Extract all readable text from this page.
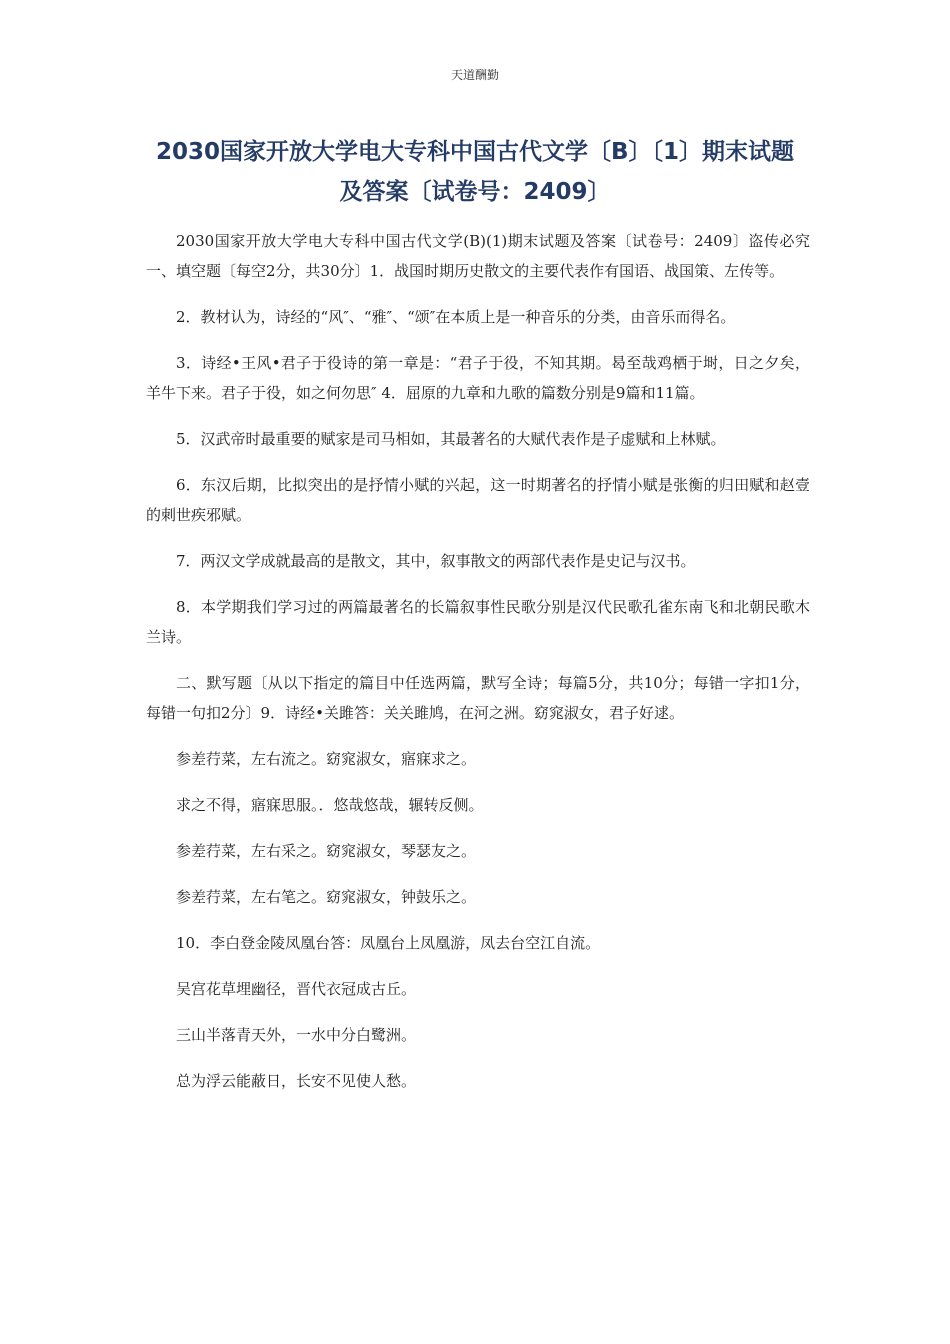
天道酬勤
2030国家开放大学电大专科中国古代文学〔B〕〔1〕期末试题
及答案〔试卷号：2409〕

2030国家开放大学电大专科中国古代文学(B)(1)期末试题及答案〔试卷号：2409〕盗传必究 一、填空题〔每空2分，共30分〕1．战国时期历史散文的主要代表作有国语、战国策、左传等。

2．教材认为，诗经的“风″、“雅″、“颂″在本质上是一种音乐的分类，由音乐而得名。

3．诗经•王风•君子于役诗的第一章是：“君子于役，不知其期。曷至哉鸡栖于埘，日之夕矣，羊牛下来。君子于役，如之何勿思″ 4．屈原的九章和九歌的篇数分别是9篇和11篇。

5．汉武帝时最重要的赋家是司马相如，其最著名的大赋代表作是子虚赋和上林赋。

6．东汉后期，比拟突出的是抒情小赋的兴起，这一时期著名的抒情小赋是张衡的归田赋和赵壹的刺世疾邪赋。

7．两汉文学成就最高的是散文，其中，叙事散文的两部代表作是史记与汉书。

8．本学期我们学习过的两篇最著名的长篇叙事性民歌分别是汉代民歌孔雀东南飞和北朝民歌木兰诗。

二、默写题〔从以下指定的篇目中任选两篇，默写全诗；每篇5分，共10分；每错一字扣1分，每错一句扣2分〕9．诗经•关雎答：关关雎鸠，在河之洲。窈窕淑女，君子好逑。

参差荇菜，左右流之。窈窕淑女，寤寐求之。

求之不得，寤寐思服。．悠哉悠哉，辗转反侧。

参差荇菜，左右采之。窈窕淑女，琴瑟友之。

参差荇菜，左右笔之。窈窕淑女，钟鼓乐之。

10．李白登金陵凤凰台答：凤凰台上凤凰游，凤去台空江自流。

吴宫花草埋幽径，晋代衣冠成古丘。

三山半落青天外，一水中分白鹭洲。

总为浮云能蔽日，长安不见使人愁。
